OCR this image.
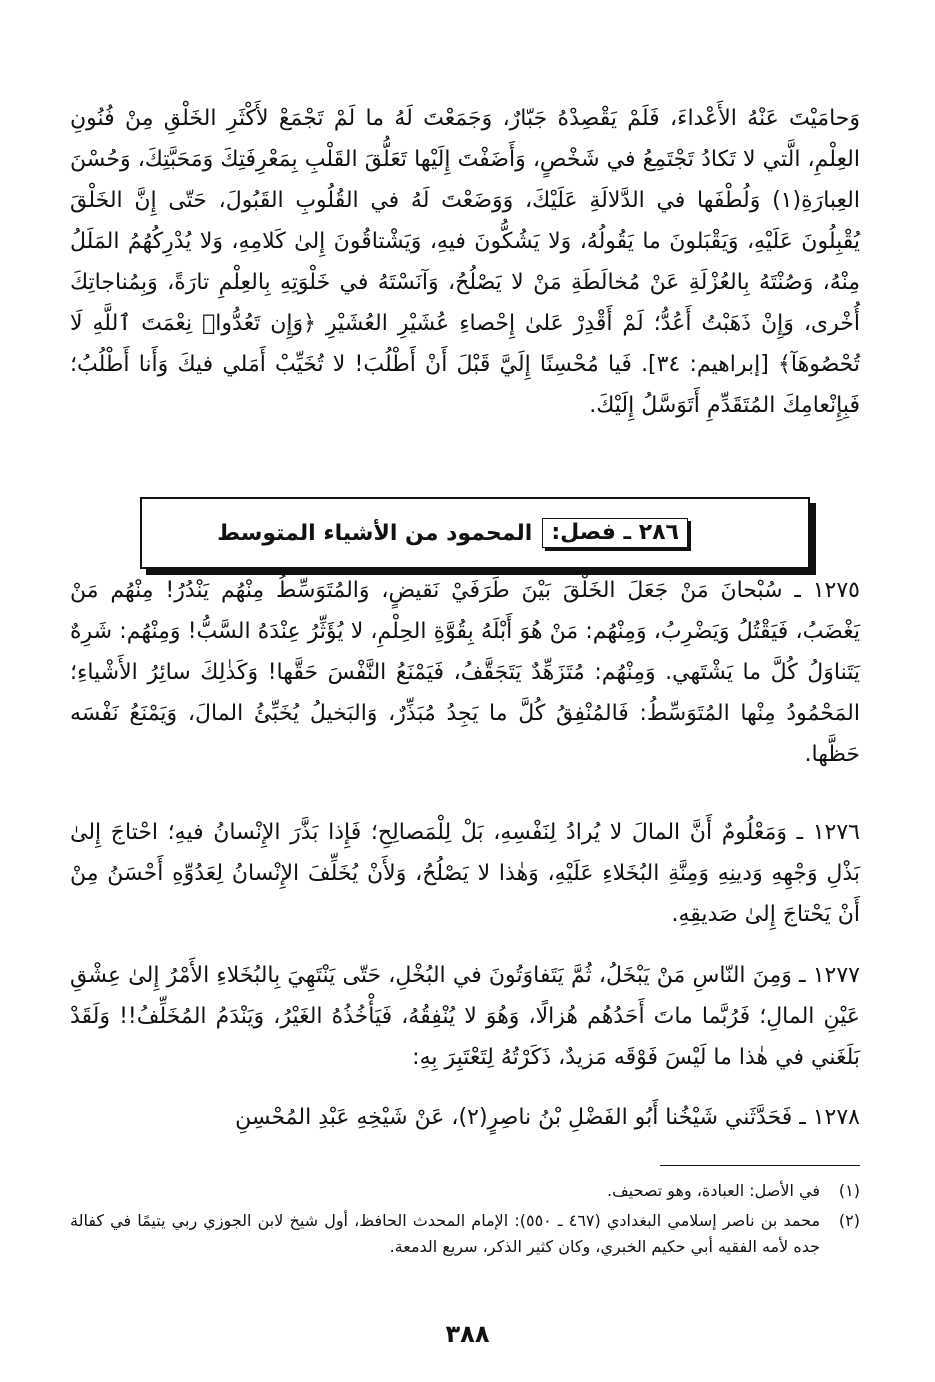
وَحامَيْتَ عَنْهُ الأَعْداءَ، فَلَمْ يَقْصِدْهُ جَبّارٌ، وَجَمَعْتَ لَهُ ما لَمْ تَجْمَعْ لأَكْثَرِ الخَلْقِ مِنْ فُنُونِ العِلْمِ، الَّتي لا تَكادُ تَجْتَمِعُ في شَخْصٍ، وَأَضَفْتَ إِلَيْها تَعَلُّقَ القَلْبِ بِمَعْرِفَتِكَ وَمَحَبَّتِكَ، وَحُسْنَ العِبارَةِ(١) وَلُطْفَها في الدَّلالَةِ عَلَيْكَ، وَوَضَعْتَ لَهُ في القُلُوبِ القَبُولَ، حَتّى إِنَّ الخَلْقَ يُقْبِلُونَ عَلَيْهِ، وَيَقْبَلونَ ما يَقُولُهُ، وَلا يَشُكُّونَ فيهِ، وَيَشْتاقُونَ إِلىٰ كَلامِهِ، وَلا يُدْرِكُهُمُ المَلَلُ مِنْهُ، وَصُنْتَهُ بِالعُزْلَةِ عَنْ مُخالَطَةِ مَنْ لا يَصْلُحُ، وَآنَسْتَهُ في خَلْوَتِهِ بِالعِلْمِ تارَةً، وَبِمُناجاتِكَ أُخْرى، وَإِنْ ذَهَبْتُ أَعُدُّ؛ لَمْ أَقْدِرْ عَلىٰ إِحْصاءِ عُشَيْرِ العُشَيْرِ ﴿وَإِن تَعُدُّوا۟ نِعْمَتَ ٱللَّهِ لَا تُحْصُوهَآ﴾ [إبراهيم: ٣٤]. فَيا مُحْسِنًا إِلَيَّ قَبْلَ أَنْ أَطْلُبَ! لا تُخَيِّبْ أَمَلي فيكَ وَأَنا أَطْلُبُ؛ فَبِإِنْعامِكَ المُتَقَدِّمِ أَتَوَسَّلُ إِلَيْكَ.

٢٨٦ ـ فصل:
المحمود من الأشياء المتوسط

١٢٧٥ ـ سُبْحانَ مَنْ جَعَلَ الخَلْقَ بَيْنَ طَرَفَيْ نَقيضٍ، وَالمُتَوَسِّطُ مِنْهُم يَنْدُرُ! مِنْهُم مَنْ يَغْضَبُ، فَيَقْتُلُ وَيَضْرِبُ، وَمِنْهُم: مَنْ هُوَ أَبْلَهُ بِقُوَّةِ الحِلْمِ، لا يُؤَثِّرُ عِنْدَهُ السَّبُّ! وَمِنْهُم: شَرِهٌ يَتَناوَلُ كُلَّ ما يَشْتَهي. وَمِنْهُم: مُتَزَهِّدٌ يَتَجَقَّفُ، فَيَمْنَعُ النَّفْسَ حَقَّها! وَكَذٰلِكَ سائِرُ الأَشْياءِ؛ المَحْمُودُ مِنْها المُتَوَسِّطُ: فَالمُنْفِقُ كُلَّ ما يَجِدُ مُبَذِّرٌ، وَالبَخيلُ يُخَبِّئُ المالَ، وَيَمْنَعُ نَفْسَه حَظَّها.

١٢٧٦ ـ وَمَعْلُومٌ أَنَّ المالَ لا يُرادُ لِنَفْسِهِ، بَلْ لِلْمَصالِحِ؛ فَإِذا بَذَّرَ الإِنْسانُ فيهِ؛ احْتاجَ إِلىٰ بَذْلِ وَجْهِهِ وَدينِهِ وَمِنَّةِ البُخَلاءِ عَلَيْهِ، وَهٰذا لا يَصْلُحُ، وَلأَنْ يُخَلِّفَ الإِنْسانُ لِعَدُوِّهِ أَحْسَنُ مِنْ أَنْ يَحْتاجَ إِلىٰ صَديقِهِ.

١٢٧٧ ـ وَمِنَ النّاسِ مَنْ يَبْخَلُ، ثُمَّ يَتَفاوَتُونَ في البُخْلِ، حَتّى يَنْتَهِيَ بِالبُخَلاءِ الأَمْرُ إِلىٰ عِشْقِ عَيْنِ المالِ؛ فَرُبَّما ماتَ أَحَدُهُم هُزالًا، وَهُوَ لا يُنْفِقُهُ، فَيَأْخُذُهُ الغَيْرُ، وَيَنْدَمُ المُخَلِّفُ!! وَلَقَدْ بَلَغَني في هٰذا ما لَيْسَ فَوْقَه مَزيدٌ، ذَكَرْتُهُ لِتَعْتَبِرَ بِهِ:

١٢٧٨ ـ فَحَدَّثَني شَيْخُنا أَبُو الفَضْلِ بْنُ ناصِرٍ(٢)، عَنْ شَيْخِهِ عَبْدِ المُحْسِنِ

(١)
في الأصل: العبادة، وهو تصحيف.
(٢)
محمد بن ناصر إسلامي البغدادي (٤٦٧ ـ ٥٥٠): الإمام المحدث الحافظ، أول شيخ لابن الجوزي ربي يتيمًا في كفالة جده لأمه الفقيه أبي حكيم الخبري، وكان كثير الذكر، سريع الدمعة.
٣٨٨
